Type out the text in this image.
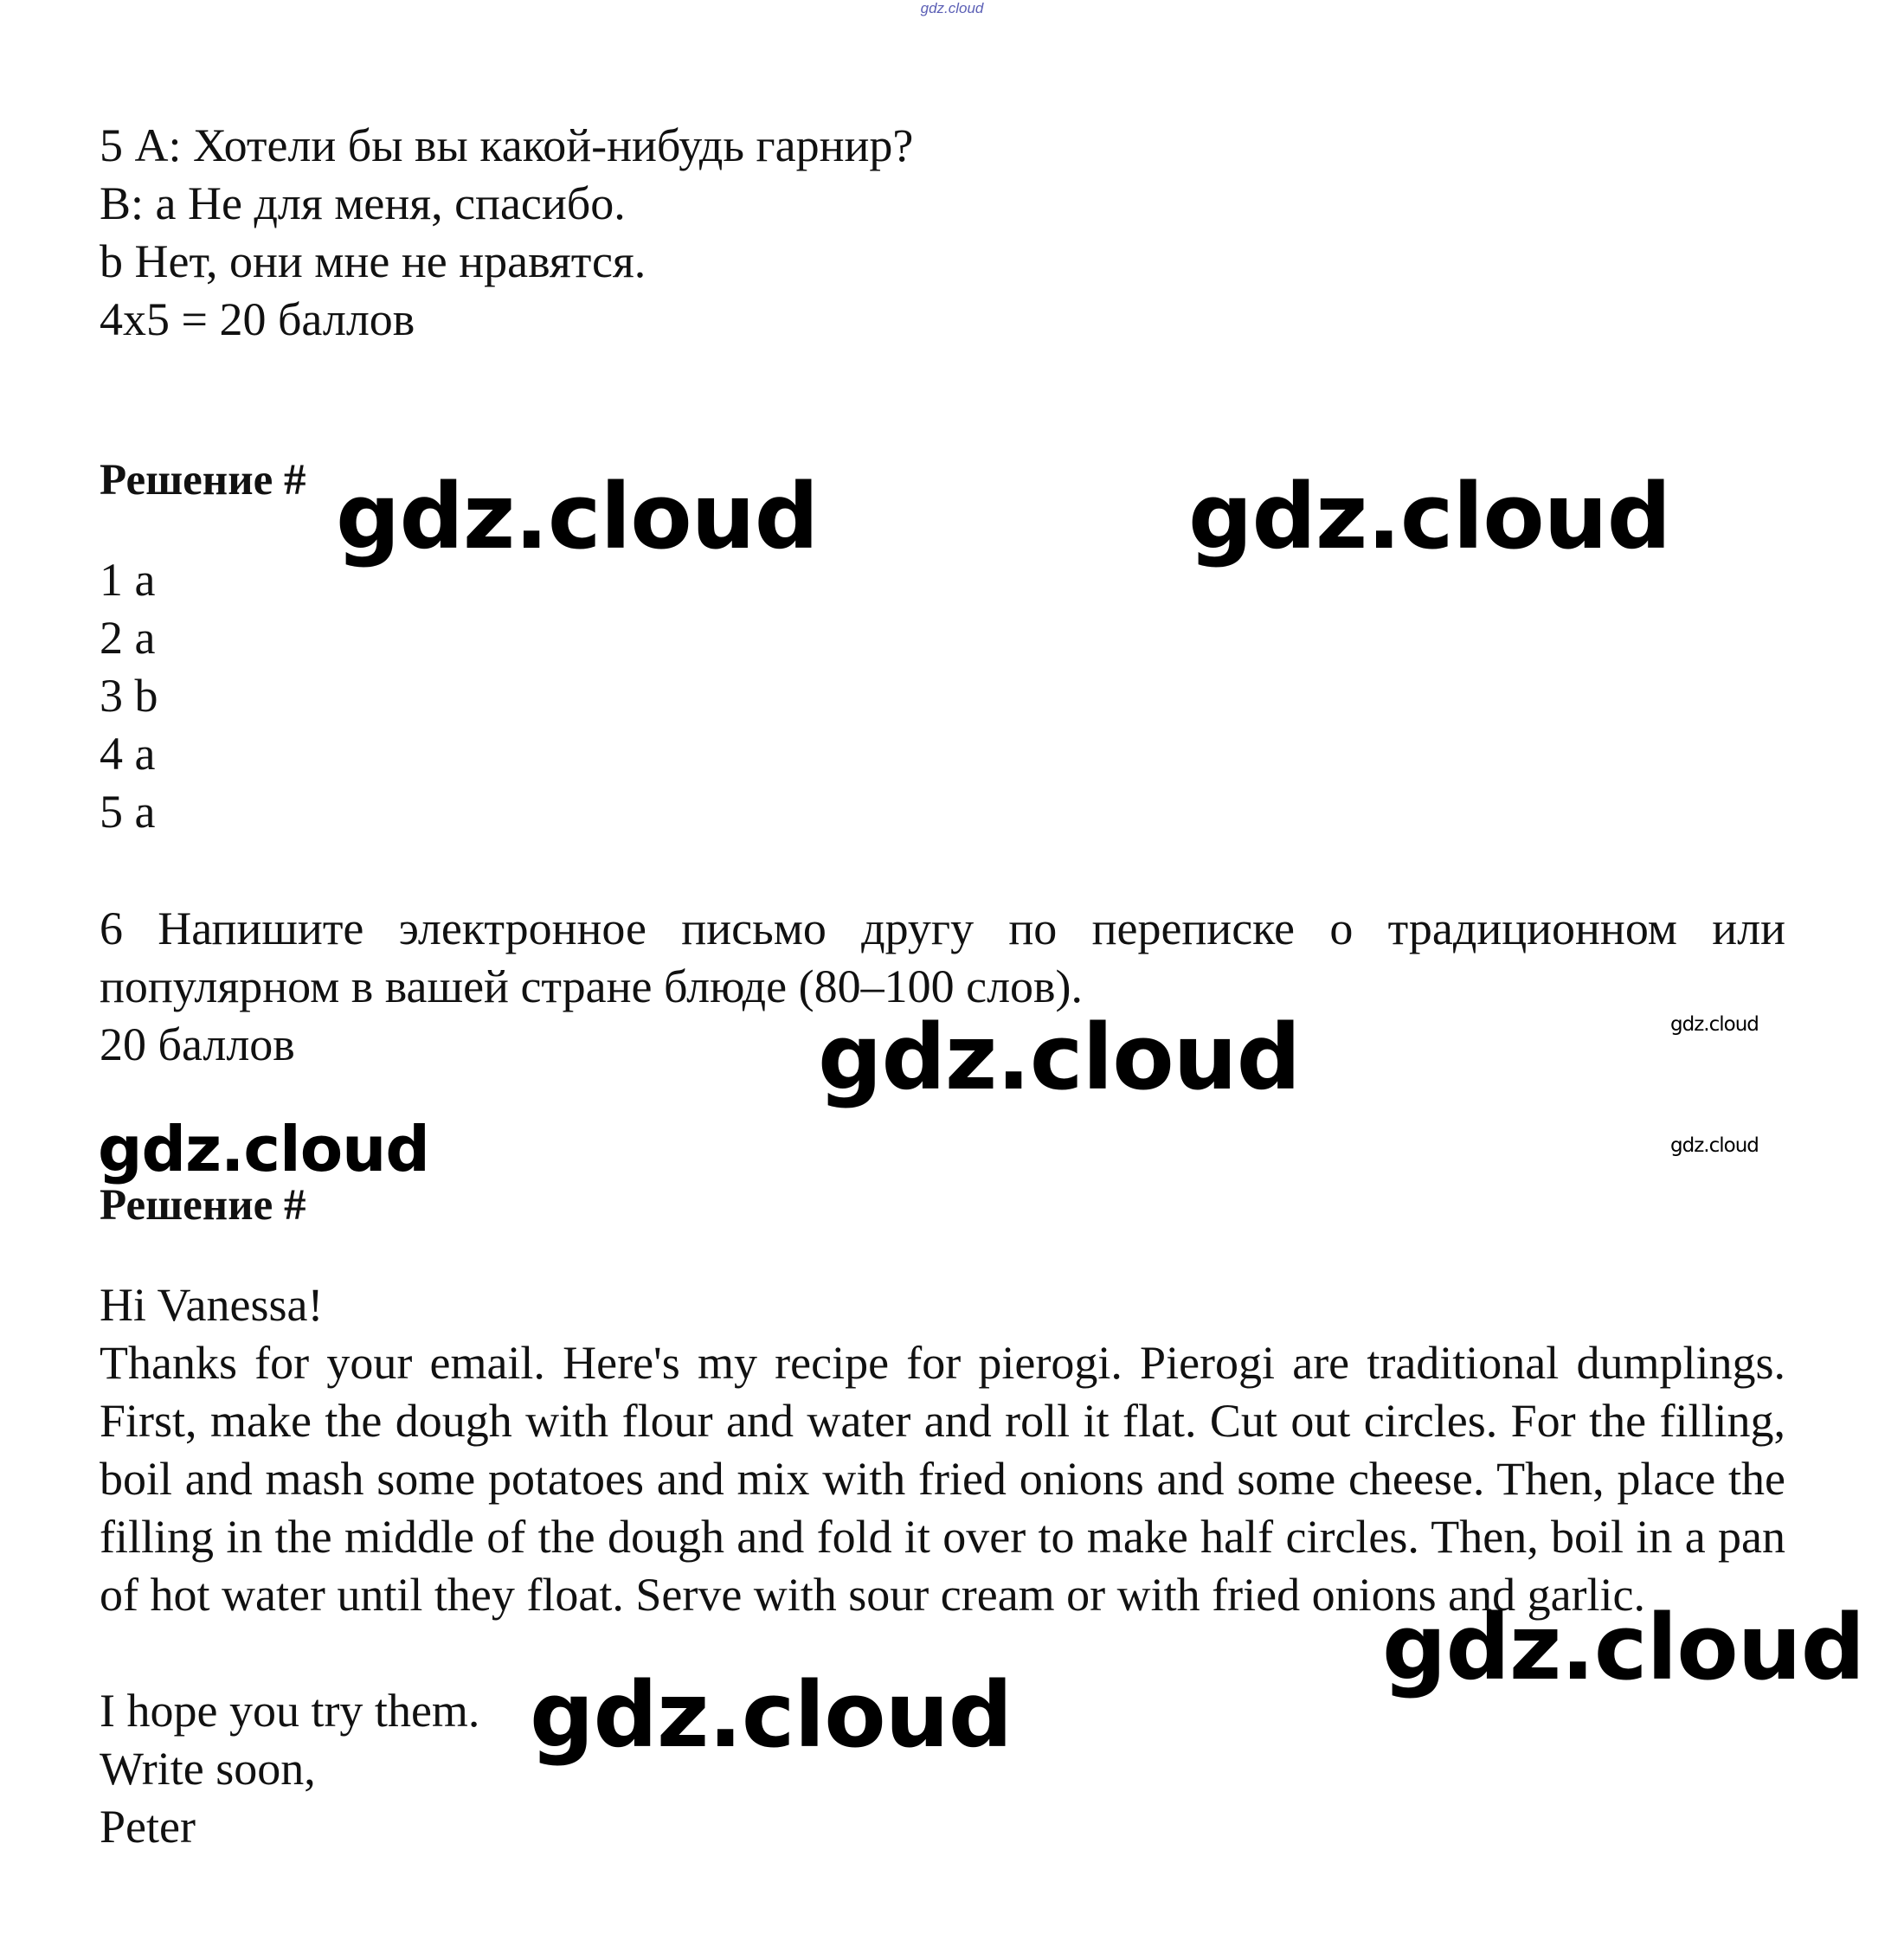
gdz.cloud
5 А: Хотели бы вы какой-нибудь гарнир?
В: a Не для меня, спасибо.
b Нет, они мне не нравятся.
4х5 = 20 баллов
Решение #
1 a
2 a
3 b
4 a
5 a
6 Напишите электронное письмо другу по переписке о традиционном или
популярном в вашей стране блюде (80–100 слов).
20 баллов
Решение #
Hi Vanessa!
Thanks for your email. Here's my recipe for pierogi. Pierogi are traditional dumplings. First, make the dough with flour and water and roll it flat. Cut out circles. For the filling, boil and mash some potatoes and mix with fried onions and some cheese. Then, place the filling in the middle of the dough and fold it over to make half circles. Then, boil in a pan of hot water until they float. Serve with sour cream or with fried onions and garlic.
I hope you try them.
Write soon,
Peter
gdz.cloud	gdz.cloud
gdz.cloud	gdz.cloud
gdz.cloud	gdz.cloud
gdz.cloud
gdz.cloud
